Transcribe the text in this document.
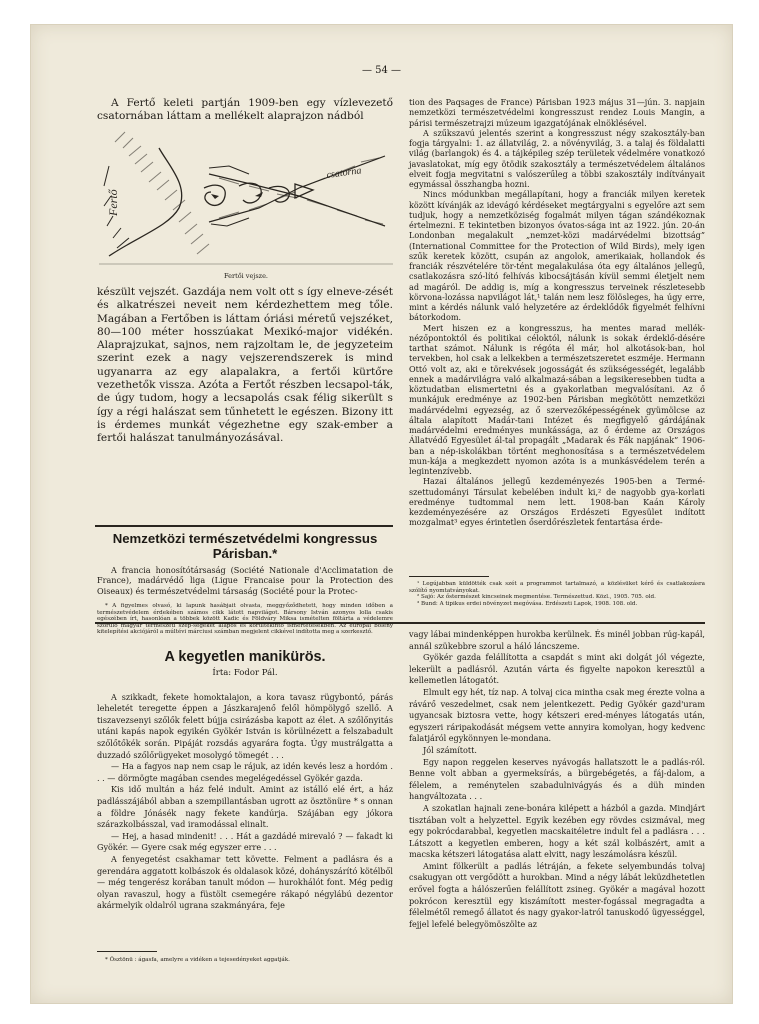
— 54 —

A Fertő keleti partján 1909-ben egy vízlevezető csatornában láttam a mellékelt alaprajzon nádból

Fertő
csatorna
Fertői vejsze.

készült vejszét. Gazdája nem volt ott s így elneve-zését és alkatrészei neveit nem kérdezhettem meg tőle. Magában a Fertőben is láttam óriási méretű vejszéket, 80—100 méter hosszúakat Mexikó-major vidékén. Alaprajzukat, sajnos, nem rajzoltam le, de jegyzeteim szerint ezek a nagy vejszerendszerek is mind ugyanarra az egy alapalakra, a fertői kürtőre vezethetők vissza. Azóta a Fertőt részben lecsapol-ták, de úgy tudom, hogy a lecsapolás csak félig sikerült s így a régi halászat sem tűnhetett le egészen. Bizony itt is érdemes munkát végezhetne egy szak-ember a fertői halászat tanulmányozásával.

Nemzetközi természetvédelmi kongressus Párisban.*

A francia honosítótársaság (Société Nationale d'Acclimatation de France), madárvédő liga (Ligue Francaise pour la Protection des Oiseaux) és természetvédelmi társaság (Société pour la Protec-

* A figyelmes olvasó, ki lapunk hasábjait olvasta, meggyőződhetett, hogy minden időben a természetvédelem érdekében számos cikk látott napvilágot. Bársony István azonyos lolla csakis egészében írt, hasonlóan a többek között Kadic és Földváry Miksa ismételten föltárta a védelemre szoruló magyar természeti szép-ségeket alapos és körültekintő ismertetésekben. Az európai bölény kitelepítési akciójáról a múltévi márciusi számban megjelent cikkével indította meg a szerkesztő.

tion des Paqsages de France) Párisban 1923 május 31—jún. 3. napjain nemzetközi természetvédelmi kongresszust rendez Louis Mangin, a párisi természetrajzi múzeum igazgatójának elnöklésével.

A szűkszavú jelentés szerint a kongresszust négy szakosztály-ban fogja tárgyalni: 1. az állatvilág, 2. a növényvilág, 3. a talaj és földalatti világ (barlangok) és 4. a tájképileg szép területek védelmére vonatkozó javaslatokat, míg egy ötödik szakosztály a természetvédelem általános elveit fogja megvitatni s valószerűleg a többi szakosztály indítványait egymással összhangba hozni.

Nincs módunkban megállapítani, hogy a franciák milyen keretek között kívánják az idevágó kérdéseket megtárgyalni s egyelőre azt sem tudjuk, hogy a nemzetköziség fogalmát milyen tágan szándékoznak értelmezni. E tekintetben bizonyos óvatos-sága int az 1922. jún. 20-án Londonban megalakult „nemzet-közi madárvédelmi bizottság” (International Committee for the Protection of Wild Birds), mely igen szűk keretek között, csupán az angolok, amerikaiak, hollandok és franciák részvételére tör-tént megalakulása óta egy általános jellegű, csatlakozásra szó-lító felhívás kibocsájtásán kívül semmi életjelt nem ad magáról. De addig is, míg a kongresszus terveinek részletesebb körvona-lozássa napvilágot lát,¹ talán nem lesz fölösleges, ha úgy erre, mint a kérdés nálunk való helyzetére az érdeklődők figyelmét felhívni bátorkodom.

Mert hiszen ez a kongresszus, ha mentes marad mellék-nézőpontoktól és politikai céloktól, nálunk is sokak érdeklő-désére tarthat számot. Nálunk is régóta él már, hol alkotások-ban, hol tervekben, hol csak a lelkekben a természetszeretet eszméje. Hermann Ottó volt az, aki e törekvések jogosságát és szükségességét, legalább ennek a madárvilágra való alkalmazá-sában a legsikeresebben tudta a köztudatban elismertetni és a gyakorlatban megvalósítani. Az ő munkájuk eredménye az 1902-ben Párisban megkötött nemzetközi madárvédelmi egyezség, az ő szervezőképességének gyümölcse az általa alapított Madár-tani Intézet és megfigyelő gárdájának madárvédelmi eredményes munkássága, az ő érdeme az Országos Állatvédő Egyesület ál-tal propagált „Madarak és Fák napjának” 1906-ban a nép-iskolákban történt meghonosítása s a természetvédelem mun-kája a megkezdett nyomon azóta is a munkásvédelem terén a legintenzívebb.

Hazai általános jellegű kezdeményezés 1905-ben a Termé-szettudományi Társulat kebelében indult ki,² de nagyobb gya-korlati eredménye tudtommal nem lett. 1908-ban Kaán Károly kezdeményezésére az Országos Erdészeti Egyesület indított mozgalmat³ egyes érintetlen őserdőrészletek fentartása érde-

¹ Legújabban küldötték csak szét a programmot tartalmazó, a közlésüket kérő és csatlakozásra szólító nyomtatványokat.

² Sajó: Az őstermészet kincseinek megmentése. Természettud. Közl., 1905. 705. old.

³ Bund: A tipikus erdei növényzet megóvása. Erdészeti Lapok, 1908. 108. old.

A kegyetlen manikürös.
Írta: Fodor Pál.

A szikkadt, fekete homoktalajon, a kora tavasz rügybontó, párás leheletét teregette éppen a Jászkarajenő felől hömpölygő szellő. A tiszavezsenyi szőlők felett bújja csirázásba kapott az élet. A szőlőnyitás utáni kapás napok egyikén Gyökér István is körülnézett a felszabadult szőlőtőkék során. Pipáját rozsdás agyarára fogta. Úgy mustrálgatta a duzzadó szőlőrügyeket mosolygó tömegét . . .

— Ha a fagyos nap nem csap le rájuk, az idén kevés lesz a hordóm . . . — dörmögte magában csendes megelégedéssel Gyökér gazda.

Kis idő multán a ház felé indult. Amint az istálló elé ért, a ház padlásszájából abban a szempillantásban ugrott az ösztönüre * s onnan a földre Jónásék nagy fekete kandúrja. Szájában egy jókora szárazkolbásszal, vad iramodással elinalt.

— Hej, a hasad mindenit! . . . Hát a gazdádé mirevaló ? — fakadt ki Gyökér. — Gyere csak még egyszer erre . . .

A fenyegetést csakhamar tett követte. Felment a padlásra és a gerendára aggatott kolbászok és oldalasok közé, dohányszárító kötélből — még tengerész korában tanult módon — hurokhálót font. Még pedig olyan ravaszul, hogy a füstölt csemegére rákapó négylábú dezentor akármelyik oldalról ugrana szakmányára, feje

* Ösztönü : ágasfa, amelyre a vidéken a tejesedényeket aggatják.

vagy lábai mindenképpen hurokba kerülnek. És minél jobban rúg-kapál, annál szükebbre szorul a háló láncszeme.

Gyökér gazda felállította a csapdát s mint aki dolgát jól végezte, lekerült a padlásról. Azután várta és figyelte napokon keresztül a kellemetlen látogatót.

Elmult egy hét, tíz nap. A tolvaj cica mintha csak meg érezte volna a rávárő veszedelmet, csak nem jelentkezett. Pedig Gyökér gazd'uram ugyancsak biztosra vette, hogy kétszeri ered-ményes látogatás után, egyszeri ráripakodását mégsem vette annyira komolyan, hogy kedvenc falatjáról egykönnyen le-mondana.

Jól számított.

Egy napon reggelen keserves nyávogás hallatszott le a padlás-ról. Benne volt abban a gyermeksírás, a bürgebégetés, a fáj-dalom, a félelem, a reménytelen szabadulnivágyás és a düh minden hangváltozata . . .

A szokatlan hajnali zene-bonára kilépett a házból a gazda. Mindjárt tisztában volt a helyzettel. Egyik kezében egy rövdes csizmával, meg egy pokrócdarabbal, kegyetlen macskaitéletre indult fel a padlásra . . . Látszott a kegyetlen emberen, hogy a két szál kolbászért, amit a macska kétszeri látogatása alatt elvitt, nagy leszámolásra készül.

Amint fölkerült a padlás létráján, a fekete selyembundás tolvaj csakugyan ott vergődött a hurokban. Mind a négy lábát leküzdhetetlen erővel fogta a hálószerűen felállított zsineg. Gyökér a magával hozott pokrócon keresztül egy kiszámított mester-fogással megragadta a félelmétől remegő állatot és nagy gyakor-latról tanuskodó ügyességgel, fejjel lefelé belegyömöszölte az
